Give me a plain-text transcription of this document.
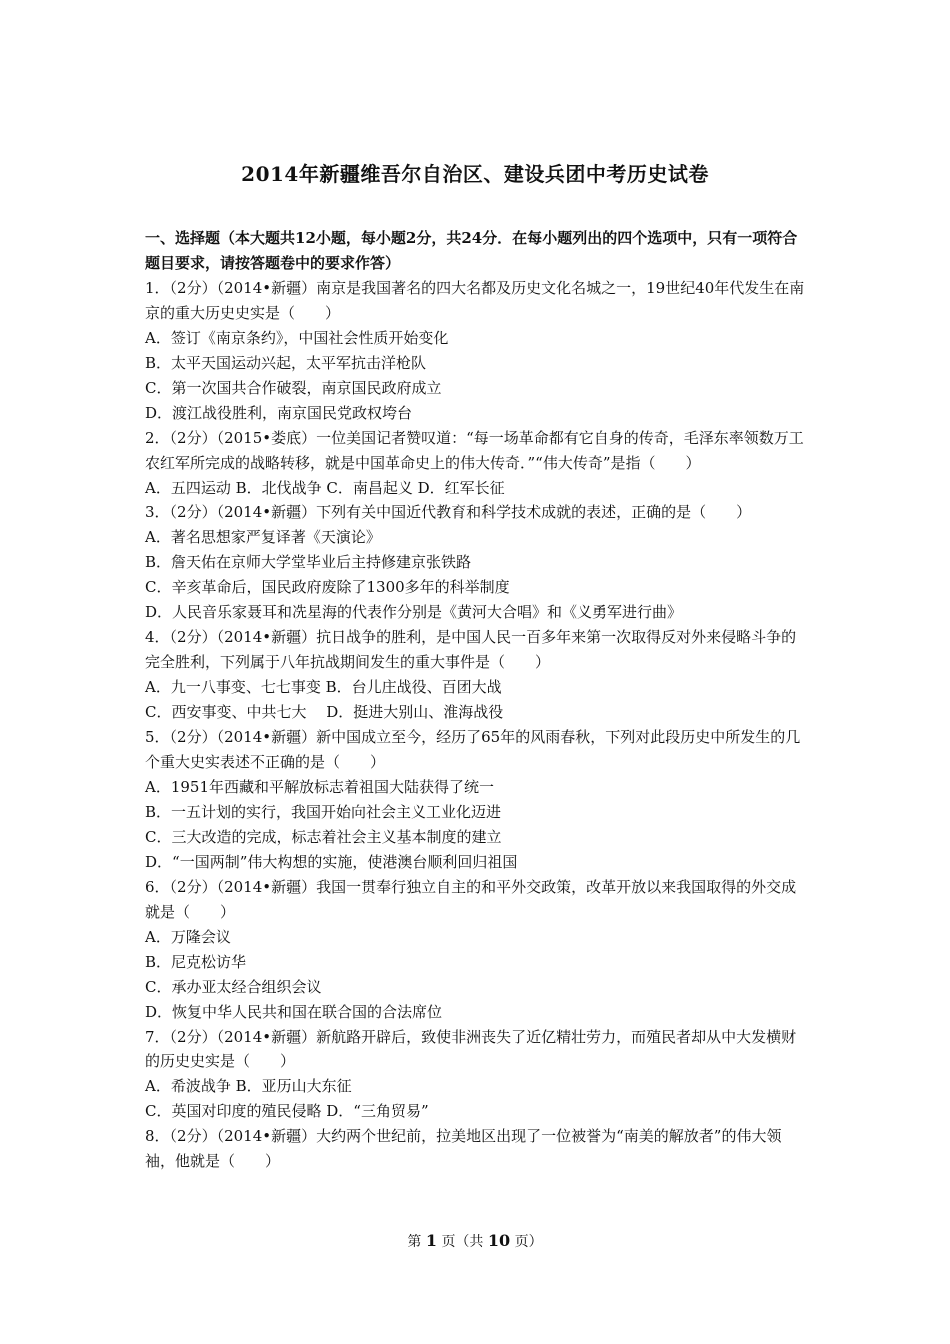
2014年新疆维吾尔自治区、建设兵团中考历史试卷
一、选择题（本大题共12小题，每小题2分，共24分．在每小题列出的四个选项中，只有一项符合题目要求，请按答题卷中的要求作答）
1．（2分）（2014•新疆）南京是我国著名的四大名都及历史文化名城之一，19世纪40年代发生在南京的重大历史史实是（　　）
A．签订《南京条约》，中国社会性质开始变化
B．太平天国运动兴起，太平军抗击洋枪队
C．第一次国共合作破裂，南京国民政府成立
D．渡江战役胜利，南京国民党政权垮台
2．（2分）（2015•娄底）一位美国记者赞叹道：“每一场革命都有它自身的传奇，毛泽东率领数万工农红军所完成的战略转移，就是中国革命史上的伟大传奇．”“伟大传奇”是指（　　）
A．五四运动 B．北伐战争 C．南昌起义 D．红军长征
3．（2分）（2014•新疆）下列有关中国近代教育和科学技术成就的表述，正确的是（　　）
A．著名思想家严复译著《天演论》
B．詹天佑在京师大学堂毕业后主持修建京张铁路
C．辛亥革命后，国民政府废除了1300多年的科举制度
D．人民音乐家聂耳和冼星海的代表作分别是《黄河大合唱》和《义勇军进行曲》
4．（2分）（2014•新疆）抗日战争的胜利，是中国人民一百多年来第一次取得反对外来侵略斗争的完全胜利，下列属于八年抗战期间发生的重大事件是（　　）
A．九一八事变、七七事变 B．台儿庄战役、百团大战
C．西安事变、中共七大　 D．挺进大别山、淮海战役
5．（2分）（2014•新疆）新中国成立至今，经历了65年的风雨春秋，下列对此段历史中所发生的几个重大史实表述不正确的是（　　）
A．1951年西藏和平解放标志着祖国大陆获得了统一
B．一五计划的实行，我国开始向社会主义工业化迈进
C．三大改造的完成，标志着社会主义基本制度的建立
D．“一国两制”伟大构想的实施，使港澳台顺利回归祖国
6．（2分）（2014•新疆）我国一贯奉行独立自主的和平外交政策，改革开放以来我国取得的外交成就是（　　）
A．万隆会议
B．尼克松访华
C．承办亚太经合组织会议
D．恢复中华人民共和国在联合国的合法席位
7．（2分）（2014•新疆）新航路开辟后，致使非洲丧失了近亿精壮劳力，而殖民者却从中大发横财的历史史实是（　　）
A．希波战争 B．亚历山大东征
C．英国对印度的殖民侵略 D．“三角贸易”
8．（2分）（2014•新疆）大约两个世纪前，拉美地区出现了一位被誉为“南美的解放者”的伟大领袖，他就是（　　）
第 1 页（共 10 页）
